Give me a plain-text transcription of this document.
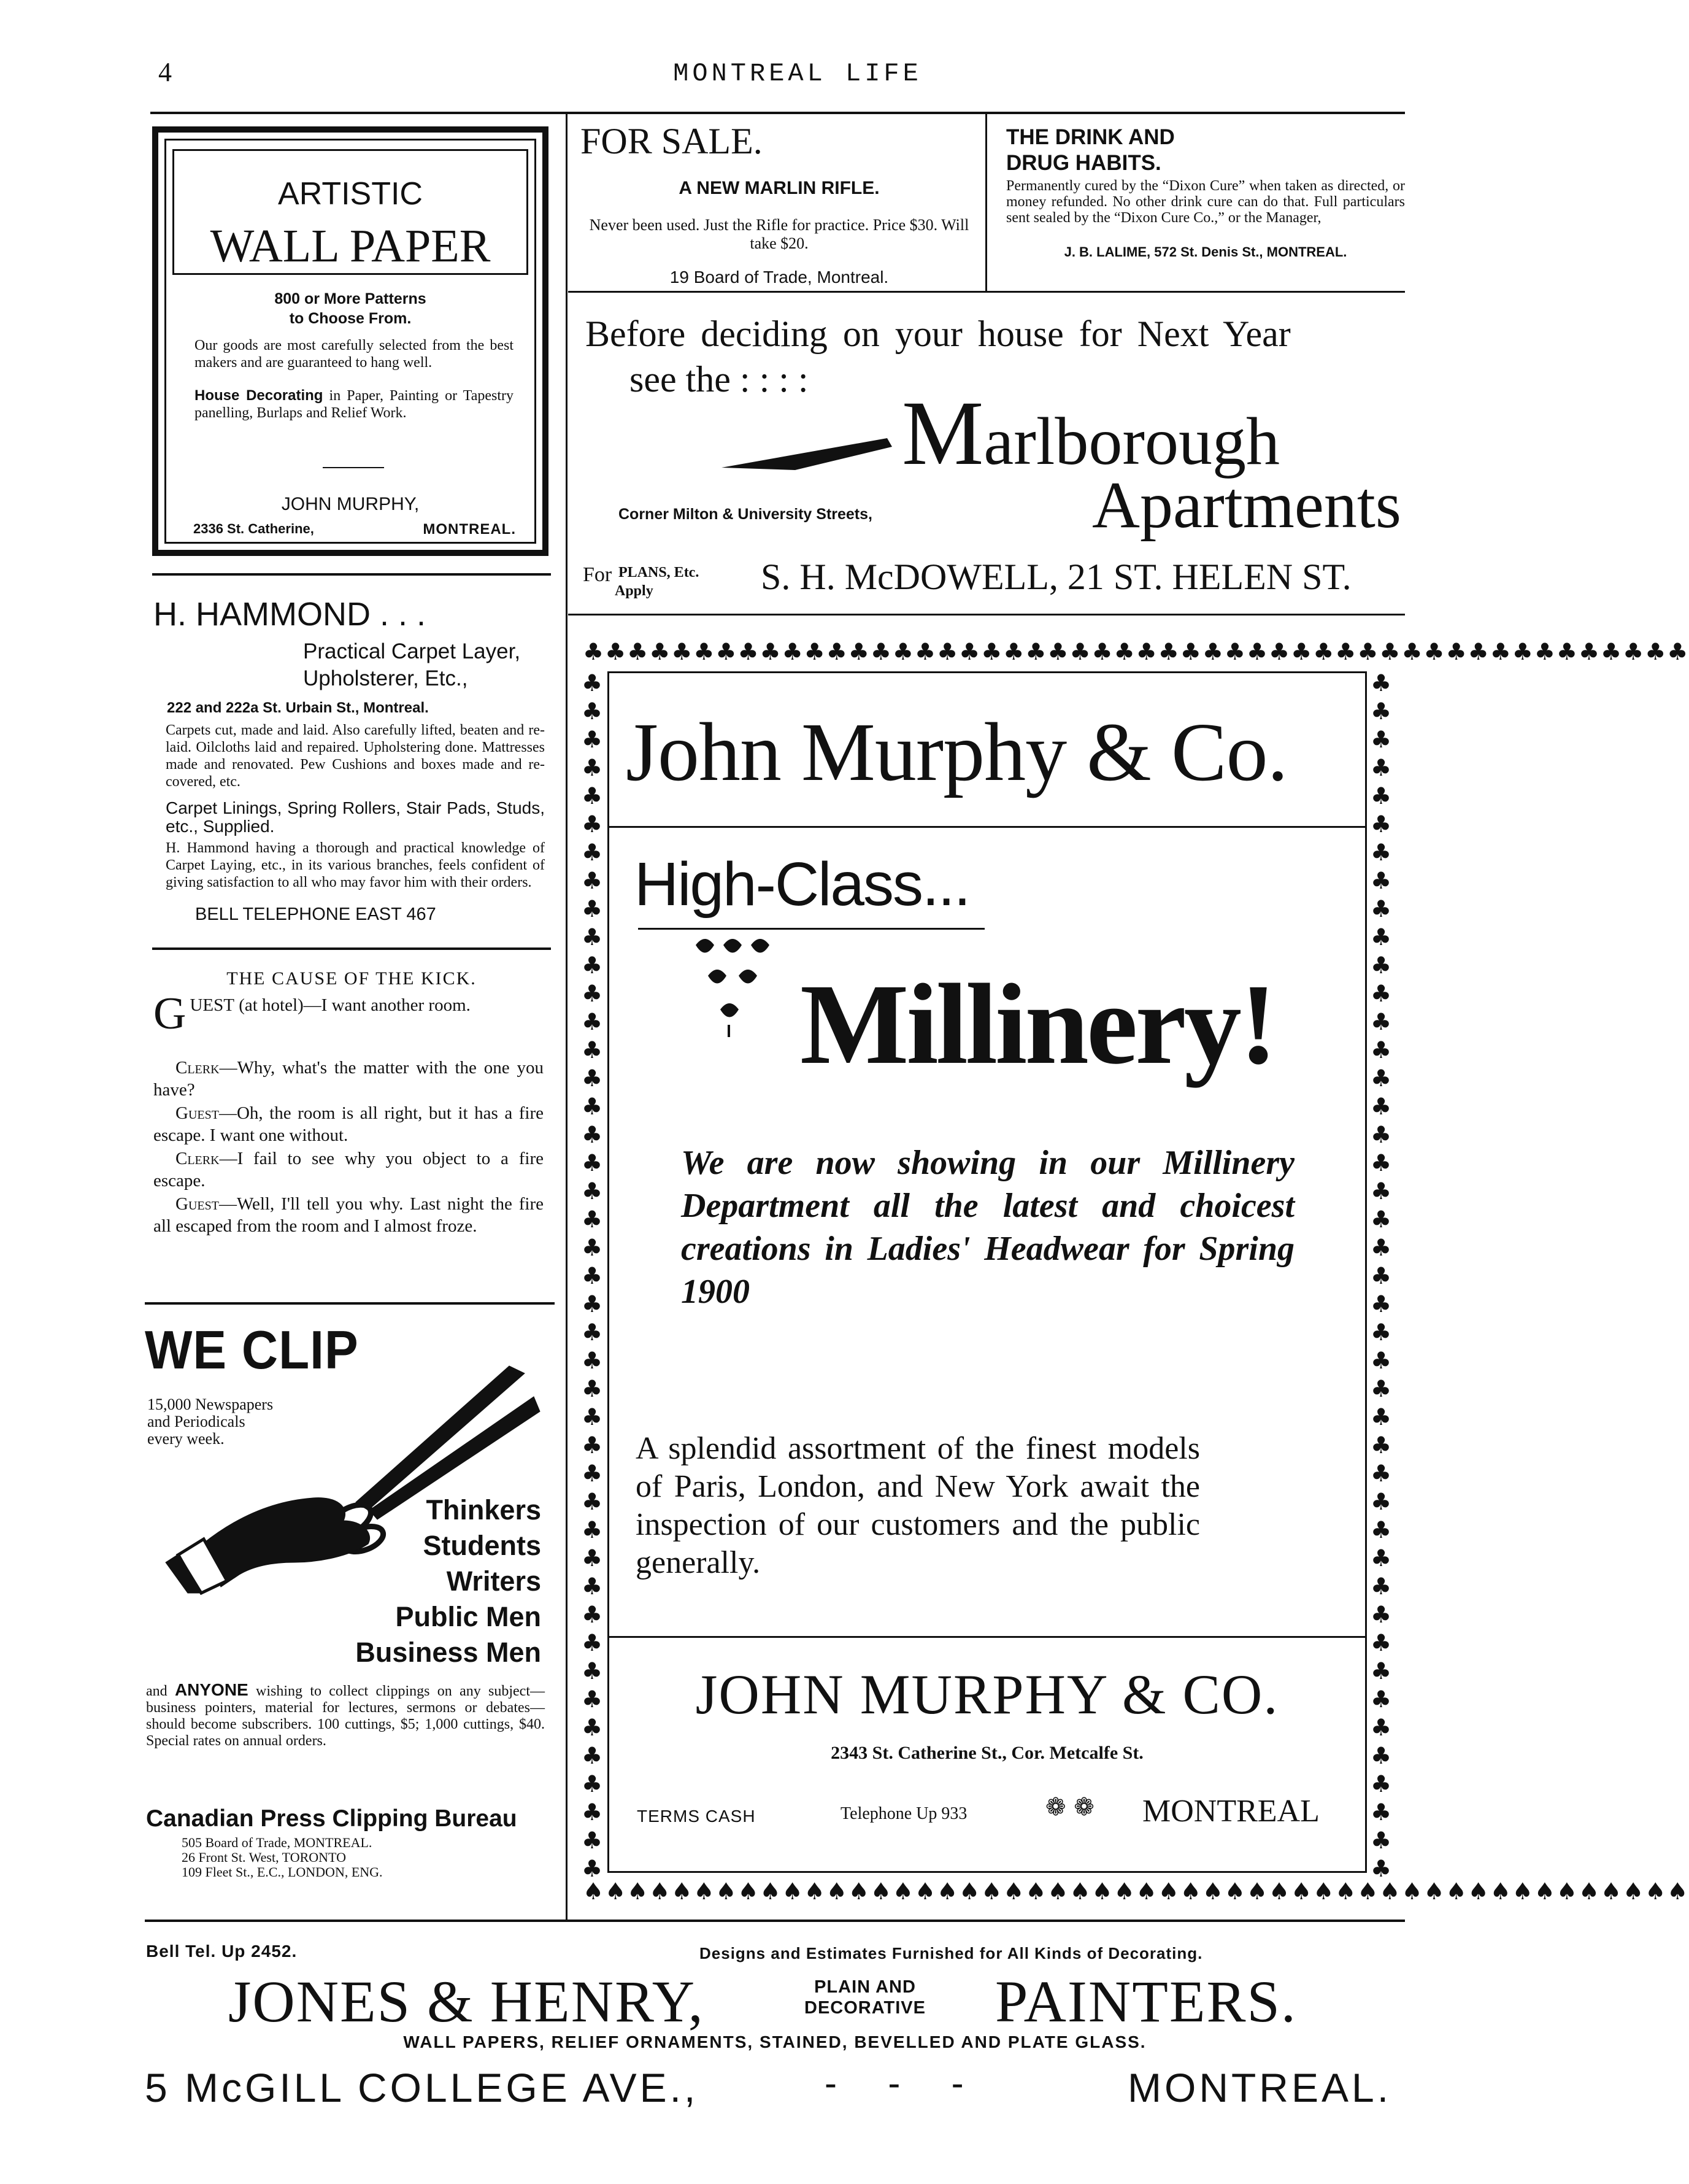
4	MONTREAL LIFE
ARTISTIC
WALL PAPER
800 or More Patterns
to Choose From.
Our goods are most carefully selected from the best makers and are guaranteed to hang well.
House Decorating in Paper, Painting or Tapestry panelling, Burlaps and Relief Work.
JOHN MURPHY,
2336 St. Catherine,	MONTREAL.
H. HAMMOND . . .
Practical Carpet Layer,
Upholsterer, Etc.,
222 and 222a St. Urbain St., Montreal.
Carpets cut, made and laid. Also carefully lifted, beaten and re-laid. Oilcloths laid and repaired. Upholstering done. Mattresses made and renovated. Pew Cushions and boxes made and re-covered, etc.
Carpet Linings, Spring Rollers, Stair Pads, Studs, etc., Supplied.
H. Hammond having a thorough and practical knowledge of Carpet Laying, etc., in its various branches, feels confident of giving satisfaction to all who may favor him with their orders.
BELL TELEPHONE EAST 467
THE CAUSE OF THE KICK.
GUEST (at hotel)—I want another room.
Clerk—Why, what's the matter with the one you have?
Guest—Oh, the room is all right, but it has a fire escape. I want one without.
Clerk—I fail to see why you object to a fire escape.
Guest—Well, I'll tell you why. Last night the fire all escaped from the room and I almost froze.
WE CLIP
15,000 Newspapers
and Periodicals
every week.
Thinkers
Students
Writers
Public Men
Business Men
and ANYONE wishing to collect clippings on any subject—business pointers, material for lectures, sermons or debates—should become subscribers. 100 cuttings, $5; 1,000 cuttings, $40. Special rates on annual orders.
Canadian Press Clipping Bureau
505 Board of Trade, MONTREAL.
26 Front St. West, TORONTO
109 Fleet St., E.C., LONDON, ENG.
FOR SALE.
A NEW MARLIN RIFLE.
Never been used. Just the Rifle for practice. Price $30. Will take $20.
19 Board of Trade, Montreal.
THE DRINK AND
DRUG HABITS.
Permanently cured by the “Dixon Cure” when taken as directed, or money refunded. No other drink cure can do that. Full particulars sent sealed by the “Dixon Cure Co.,” or the Manager,
J. B. LALIME, 572 St. Denis St., MONTREAL.
Before deciding on your house for Next Year
see the : : : :
Marlborough
Apartments
Corner Milton & University Streets,
For PLANS, Etc.
Apply	S. H. McDOWELL, 21 ST. HELEN ST.
♣♣♣♣♣♣♣♣♣♣♣♣♣♣♣♣♣♣♣♣♣♣♣♣♣♣♣♣♣♣♣♣♣♣♣♣♣♣♣♣♣♣♣♣♣♣♣♣♣♣
♠♠♠♠♠♠♠♠♠♠♠♠♠♠♠♠♠♠♠♠♠♠♠♠♠♠♠♠♠♠♠♠♠♠♠♠♠♠♠♠♠♠♠♠♠♠♠♠♠♠
♣♣♣♣♣♣♣♣♣♣♣♣♣♣♣♣♣♣♣♣♣♣♣♣♣♣♣♣♣♣♣♣♣♣♣♣♣♣♣♣♣♣♣
♣♣♣♣♣♣♣♣♣♣♣♣♣♣♣♣♣♣♣♣♣♣♣♣♣♣♣♣♣♣♣♣♣♣♣♣♣♣♣♣♣♣♣
John Murphy & Co.
High-Class...
Millinery!
We are now showing in our Millinery Department all the latest and choicest creations in Ladies' Headwear for Spring 1900
A splendid assortment of the finest models of Paris, London, and New York await the inspection of our customers and the public generally.
JOHN MURPHY & CO.
2343 St. Catherine St., Cor. Metcalfe St.
TERMS CASH	Telephone Up 933	❁ ❁ MONTREAL
Bell Tel. Up 2452.	Designs and Estimates Furnished for All Kinds of Decorating.
JONES & HENRY,	PLAIN AND
DECORATIVE	PAINTERS.
WALL PAPERS, RELIEF ORNAMENTS, STAINED, BEVELLED AND PLATE GLASS.
5 McGILL COLLEGE AVE.,	-     -     -	MONTREAL.
